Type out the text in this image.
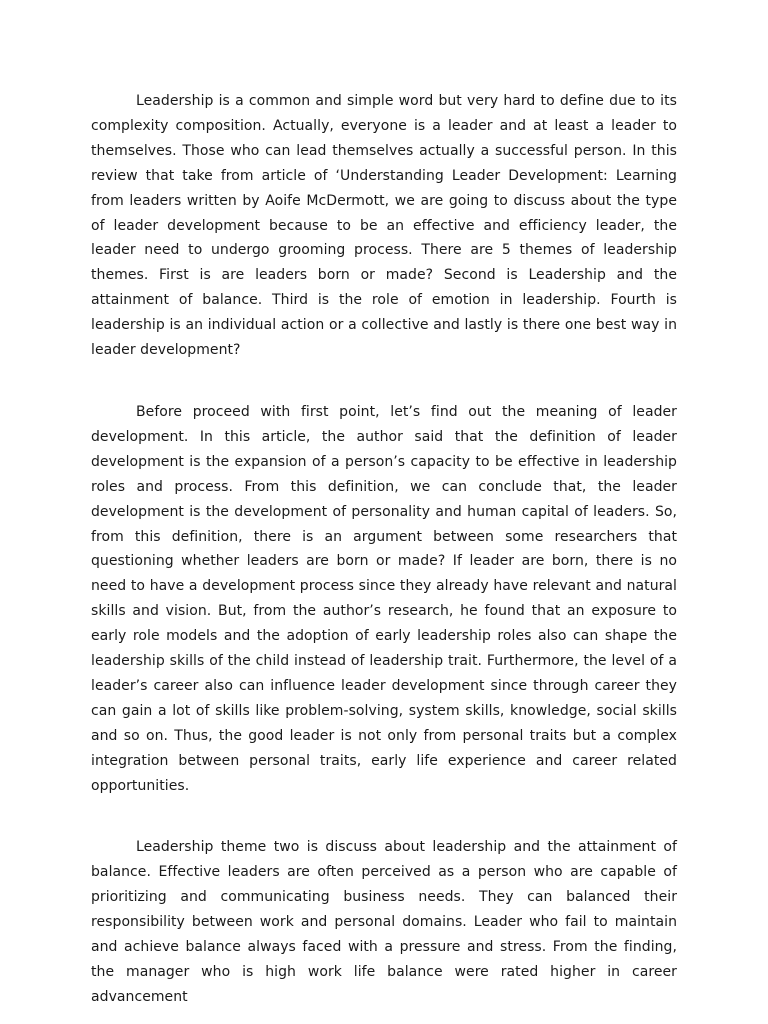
Leadership is a common and simple word but very hard to define due to its complexity composition. Actually, everyone is a leader and at least a leader to themselves. Those who can lead themselves actually a successful person. In this review that take from article of ‘Understanding Leader Development: Learning from leaders written by Aoife McDermott, we are going to discuss about the type of leader development because to be an effective and efficiency leader, the leader need to undergo grooming process. There are 5 themes of leadership themes. First is are leaders born or made? Second is Leadership and the attainment of balance. Third is the role of emotion in leadership. Fourth is leadership is an individual action or a collective and lastly is there one best way in leader development?

Before proceed with first point, let’s find out the meaning of leader development. In this article, the author said that the definition of leader development is the expansion of a person’s capacity to be effective in leadership roles and process. From this definition, we can conclude that, the leader development is the development of personality and human capital of leaders. So, from this definition, there is an argument between some researchers that questioning whether leaders are born or made? If leader are born, there is no need to have a development process since they already have relevant and natural skills and vision. But, from the author’s research, he found that an exposure to early role models and the adoption of early leadership roles also can shape the leadership skills of the child instead of leadership trait. Furthermore, the level of a leader’s career also can influence leader development since through career they can gain a lot of skills like problem-solving, system skills, knowledge, social skills and so on. Thus, the good leader is not only from personal traits but a complex integration between personal traits, early life experience and career related opportunities.

Leadership theme two is discuss about leadership and the attainment of balance. Effective leaders are often perceived as a person who are capable of prioritizing and communicating business needs. They can balanced their responsibility between work and personal domains. Leader who fail to maintain and achieve balance always faced with a pressure and stress. From the finding, the manager who is high work life balance were rated higher in career advancement
